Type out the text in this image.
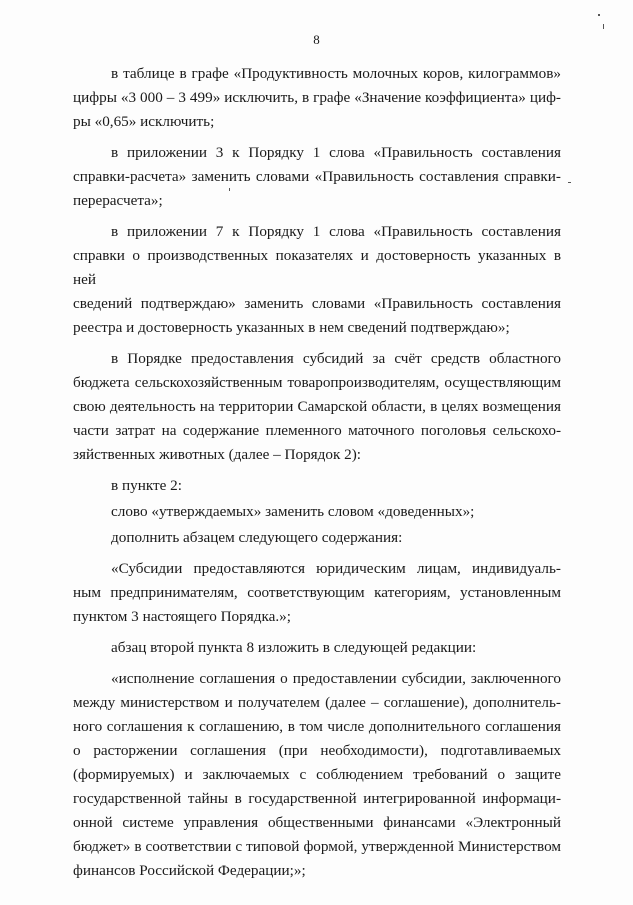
8
в таблице в графе «Продуктивность молочных коров, килограммов»
цифры «3 000 – 3 499» исключить, в графе «Значение коэффициента» циф-
ры «0,65» исключить;
в приложении 3 к Порядку 1 слова «Правильность составления
справки-расчета» заменить словами «Правильность составления справки-
перерасчета»;
в приложении 7 к Порядку 1 слова «Правильность составления
справки о производственных показателях и достоверность указанных в ней
сведений подтверждаю» заменить словами «Правильность составления
реестра и достоверность указанных в нем сведений подтверждаю»;
в Порядке предоставления субсидий за счёт средств областного
бюджета сельскохозяйственным товаропроизводителям, осуществляющим
свою деятельность на территории Самарской области, в целях возмещения
части затрат на содержание племенного маточного поголовья сельскохо-
зяйственных животных (далее – Порядок 2):
в пункте 2:
слово «утверждаемых» заменить словом «доведенных»;
дополнить абзацем следующего содержания:
«Субсидии предоставляются юридическим лицам, индивидуаль-
ным предпринимателям, соответствующим категориям, установленным
пунктом 3 настоящего Порядка.»;
абзац второй пункта 8 изложить в следующей редакции:
«исполнение соглашения о предоставлении субсидии, заключенного
между министерством и получателем (далее – соглашение), дополнитель-
ного соглашения к соглашению, в том числе дополнительного соглашения
о расторжении соглашения (при необходимости), подготавливаемых
(формируемых) и заключаемых с соблюдением требований о защите
государственной тайны в государственной интегрированной информаци-
онной системе управления общественными финансами «Электронный
бюджет» в соответствии с типовой формой, утвержденной Министерством
финансов Российской Федерации;»;
